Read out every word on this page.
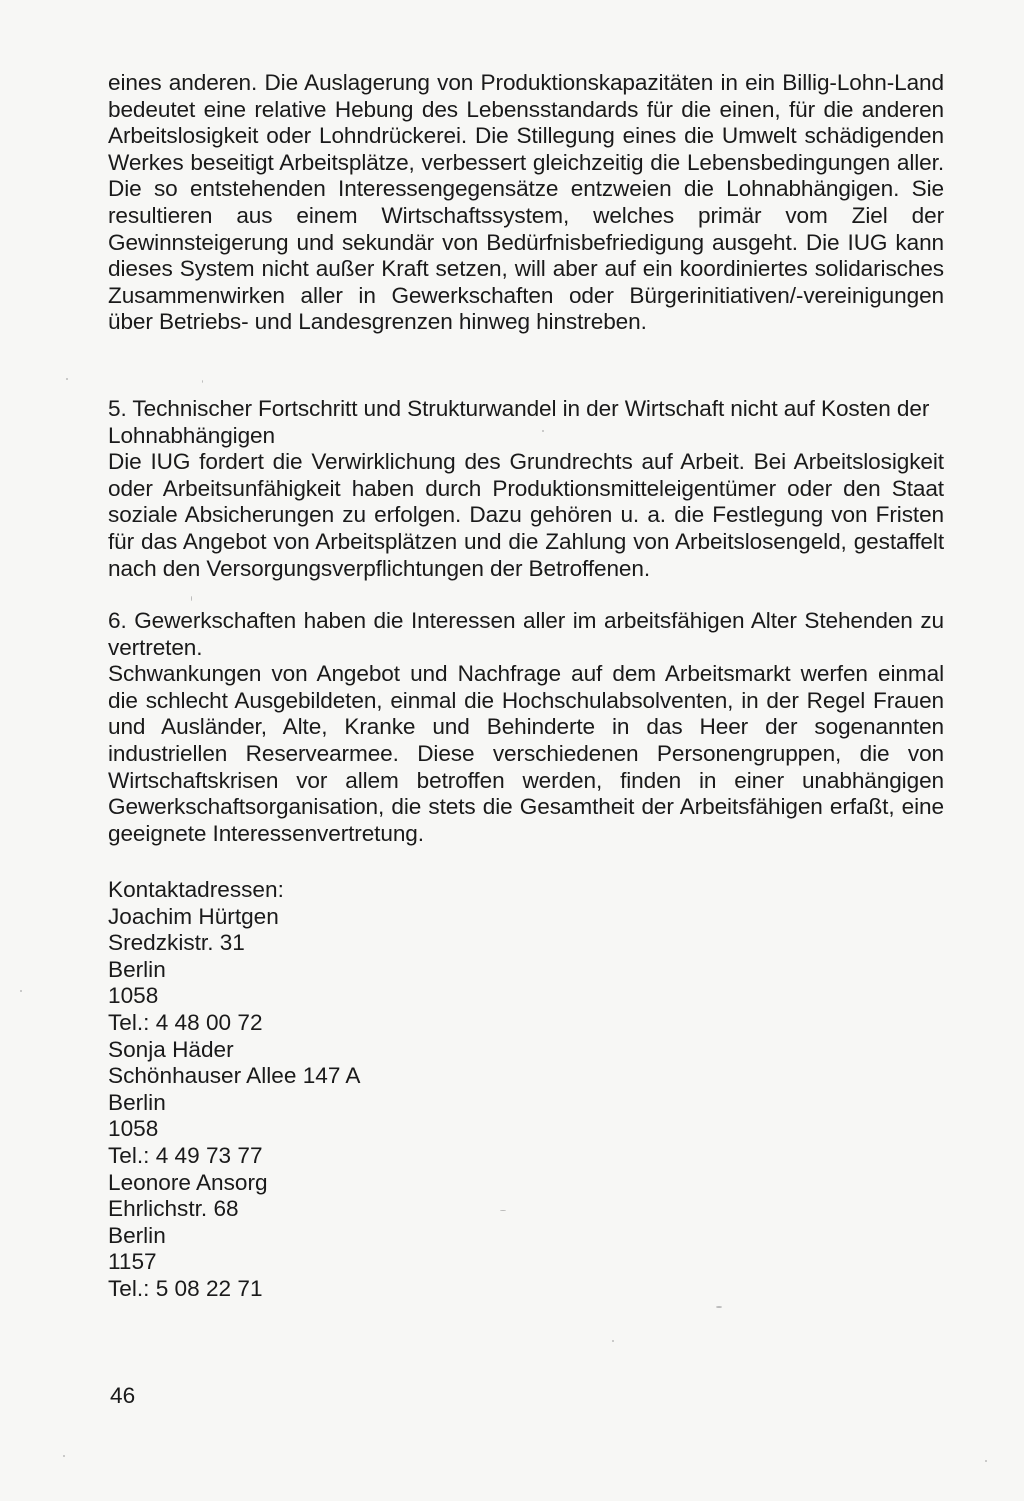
eines anderen. Die Auslagerung von Produktionskapazitäten in ein Billig-Lohn-Land bedeutet eine relative Hebung des Lebensstandards für die einen, für die anderen Arbeitslosigkeit oder Lohndrückerei. Die Stillegung eines die Umwelt schädigenden Werkes beseitigt Arbeitsplätze, verbessert gleichzeitig die Lebensbedingungen aller. Die so entstehenden Interessengegensätze entzweien die Lohnabhängigen. Sie resultieren aus einem Wirtschaftssystem, welches primär vom Ziel der Gewinnsteigerung und sekundär von Bedürfnisbefriedigung ausgeht. Die IUG kann dieses System nicht außer Kraft setzen, will aber auf ein koordiniertes solidarisches Zusammenwirken aller in Gewerkschaften oder Bürgerinitiativen/-vereinigungen über Betriebs- und Landesgrenzen hinweg hinstreben.

5. Technischer Fortschritt und Strukturwandel in der Wirtschaft nicht auf Kosten der Lohnabhängigen

Die IUG fordert die Verwirklichung des Grundrechts auf Arbeit. Bei Arbeitslosigkeit oder Arbeitsunfähigkeit haben durch Produktionsmitteleigentümer oder den Staat soziale Absicherungen zu erfolgen. Dazu gehören u. a. die Festlegung von Fristen für das Angebot von Arbeitsplätzen und die Zahlung von Arbeitslosengeld, gestaffelt nach den Versorgungsverpflichtungen der Betroffenen.

6. Gewerkschaften haben die Interessen aller im arbeitsfähigen Alter Stehenden zu vertreten.

Schwankungen von Angebot und Nachfrage auf dem Arbeitsmarkt werfen einmal die schlecht Ausgebildeten, einmal die Hochschulabsolventen, in der Regel Frauen und Ausländer, Alte, Kranke und Behinderte in das Heer der sogenannten industriellen Reservearmee. Diese verschiedenen Personengruppen, die von Wirtschaftskrisen vor allem betroffen werden, finden in einer unabhängigen Gewerkschaftsorganisation, die stets die Gesamtheit der Arbeitsfähigen erfaßt, eine geeignete Interessenvertretung.

Kontaktadressen:
Joachim Hürtgen
Sredzkistr. 31
Berlin
1058
Tel.: 4 48 00 72
Sonja Häder
Schönhauser Allee 147 A
Berlin
1058
Tel.: 4 49 73 77
Leonore Ansorg
Ehrlichstr. 68
Berlin
1157
Tel.: 5 08 22 71
46
